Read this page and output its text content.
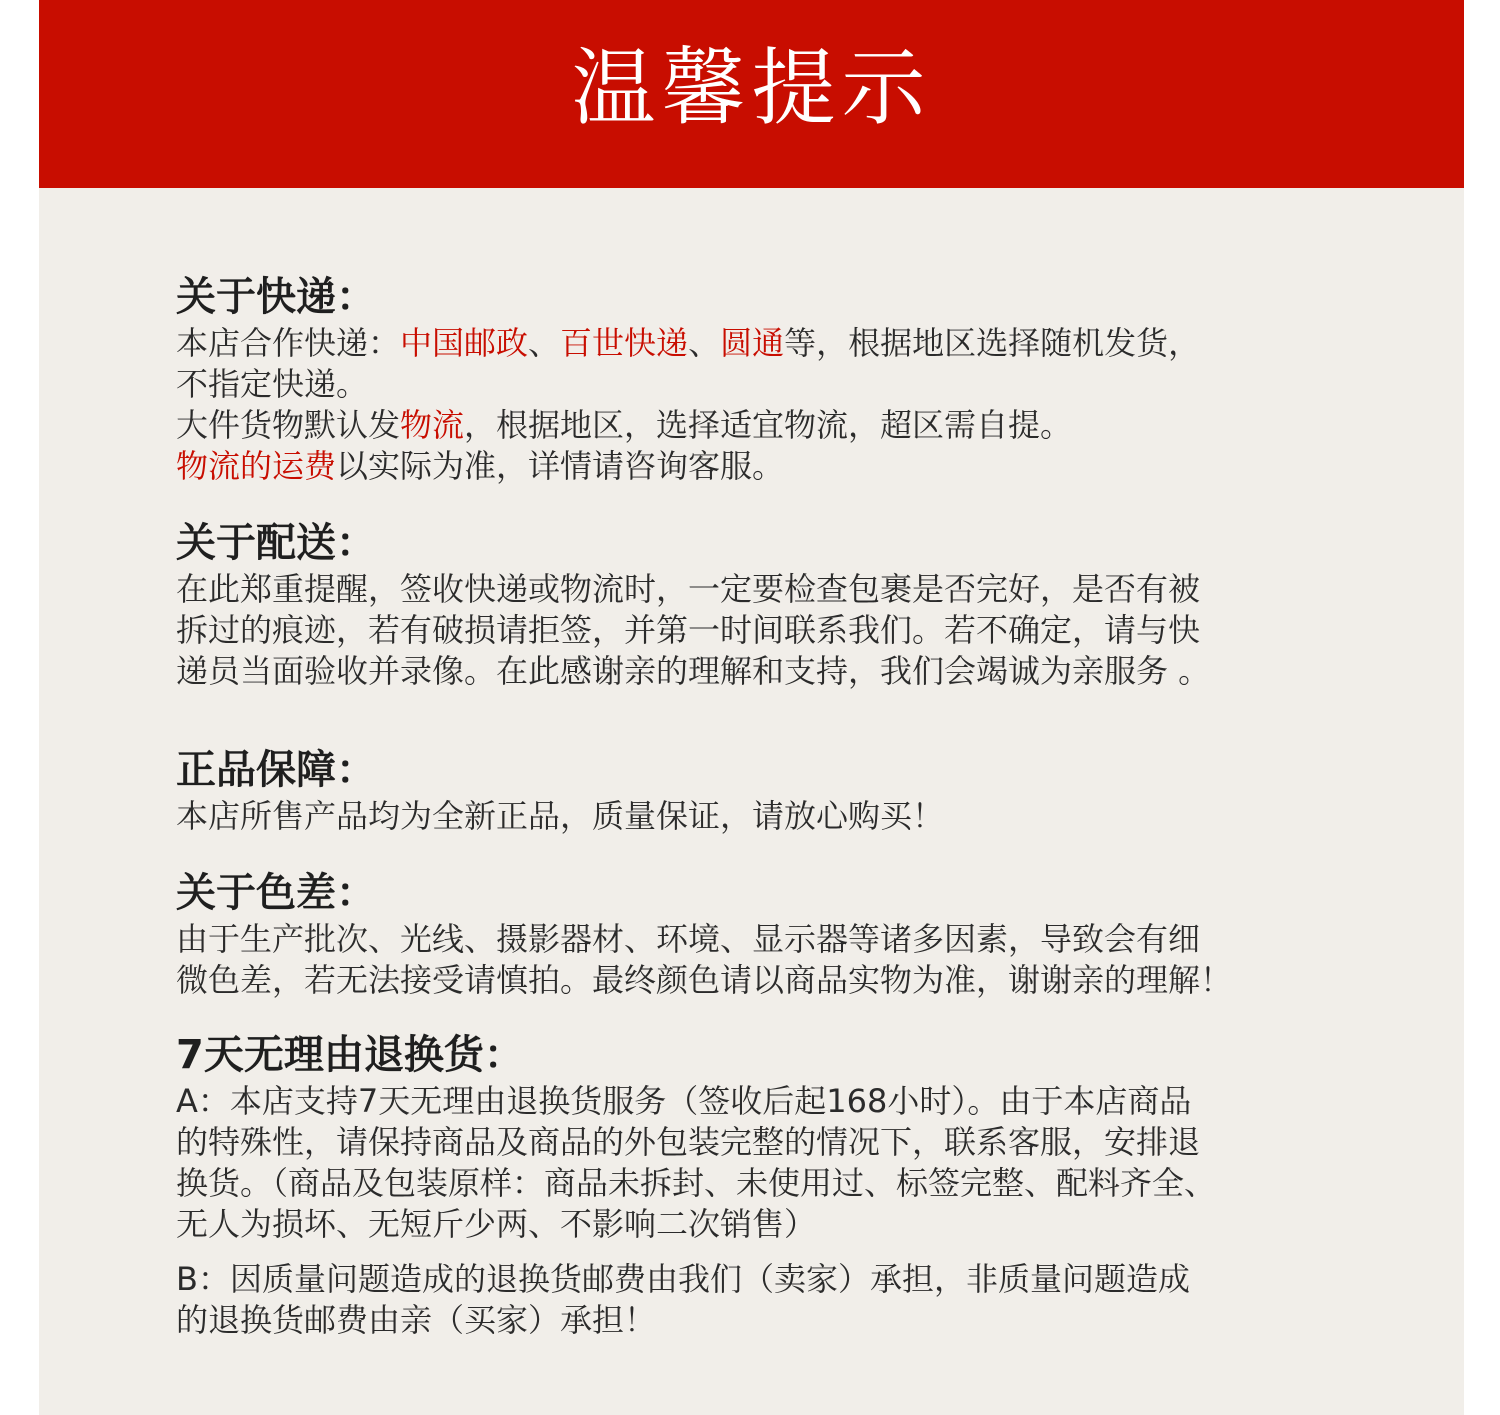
温馨提示
关于快递：
本店合作快递：中国邮政、百世快递、圆通等，根据地区选择随机发货，
不指定快递。
大件货物默认发物流，根据地区，选择适宜物流，超区需自提。
物流的运费以实际为准，详情请咨询客服。
关于配送：
在此郑重提醒，签收快递或物流时，一定要检查包裹是否完好，是否有被
拆过的痕迹，若有破损请拒签，并第一时间联系我们。若不确定，请与快
递员当面验收并录像。在此感谢亲的理解和支持，我们会竭诚为亲服务 。
正品保障：
本店所售产品均为全新正品，质量保证，请放心购买！
关于色差：
由于生产批次、光线、摄影器材、环境、显示器等诸多因素，导致会有细
微色差，若无法接受请慎拍。最终颜色请以商品实物为准，谢谢亲的理解！
7天无理由退换货：
A：本店支持7天无理由退换货服务（签收后起168小时）。由于本店商品
的特殊性，请保持商品及商品的外包装完整的情况下，联系客服，安排退
换货。（商品及包装原样：商品未拆封、未使用过、标签完整、配料齐全、
无人为损坏、无短斤少两、不影响二次销售）
B：因质量问题造成的退换货邮费由我们（卖家）承担，非质量问题造成
的退换货邮费由亲（买家）承担！
